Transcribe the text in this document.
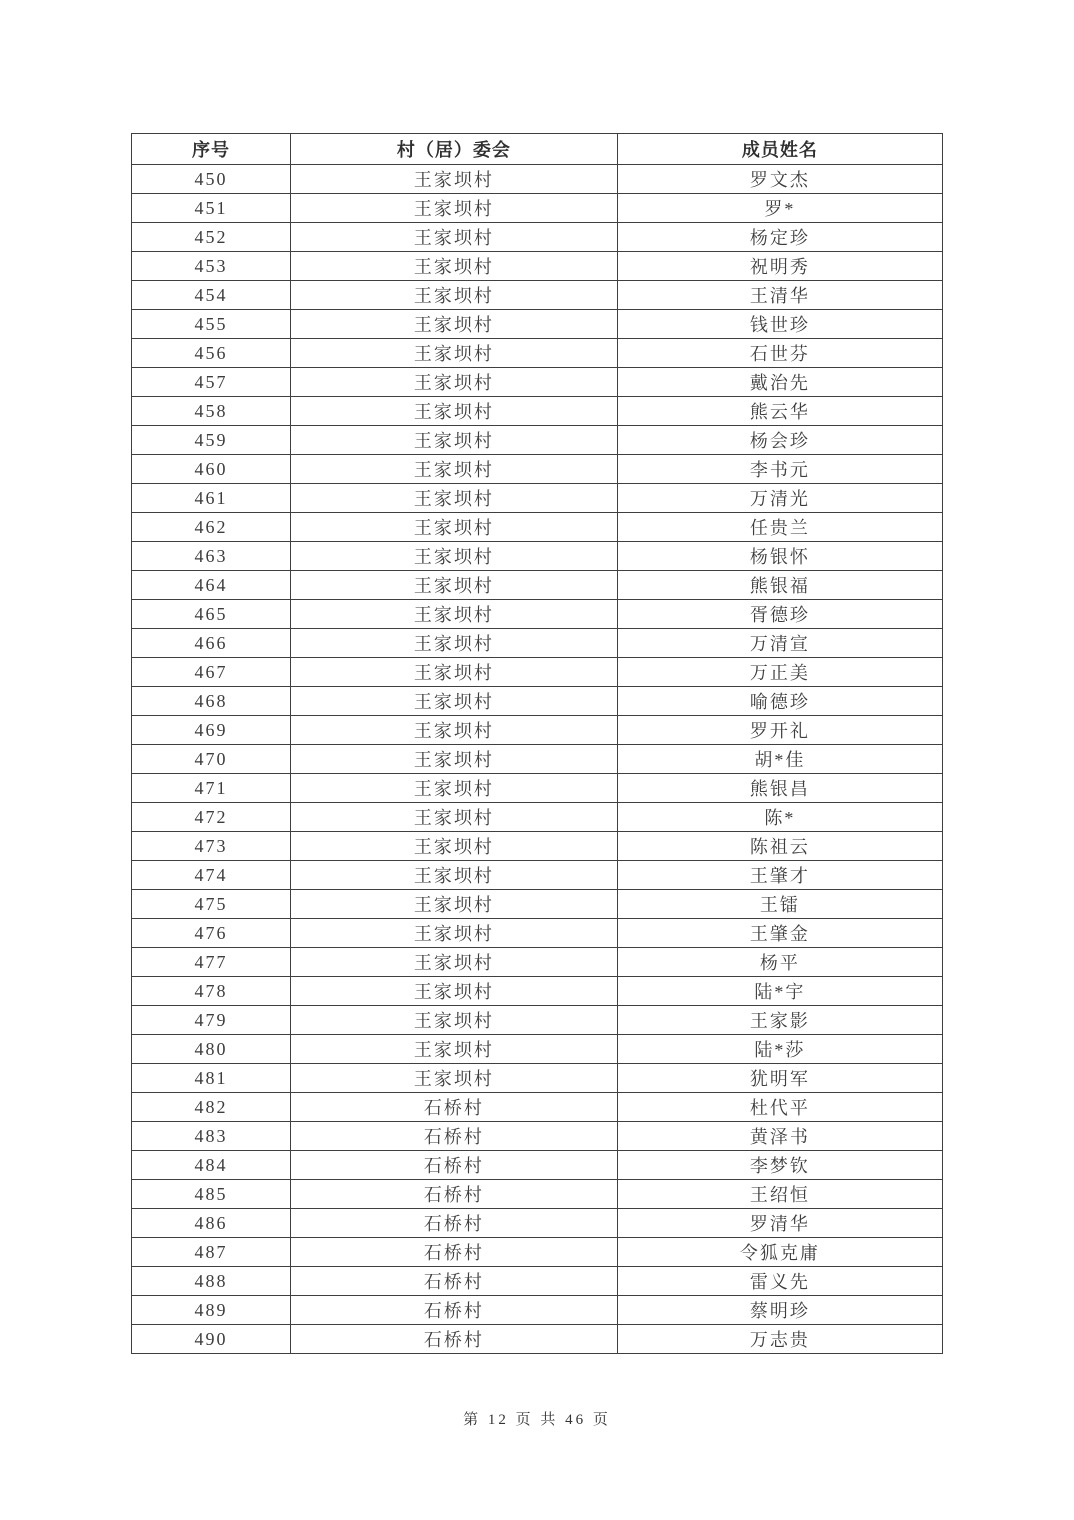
序号	村（居）委会	成员姓名
450	王家坝村	罗文杰
451	王家坝村	罗*
452	王家坝村	杨定珍
453	王家坝村	祝明秀
454	王家坝村	王清华
455	王家坝村	钱世珍
456	王家坝村	石世芬
457	王家坝村	戴治先
458	王家坝村	熊云华
459	王家坝村	杨会珍
460	王家坝村	李书元
461	王家坝村	万清光
462	王家坝村	任贵兰
463	王家坝村	杨银怀
464	王家坝村	熊银福
465	王家坝村	胥德珍
466	王家坝村	万清宣
467	王家坝村	万正美
468	王家坝村	喻德珍
469	王家坝村	罗开礼
470	王家坝村	胡*佳
471	王家坝村	熊银昌
472	王家坝村	陈*
473	王家坝村	陈祖云
474	王家坝村	王肇才
475	王家坝村	王镭
476	王家坝村	王肇金
477	王家坝村	杨平
478	王家坝村	陆*宇
479	王家坝村	王家影
480	王家坝村	陆*莎
481	王家坝村	犹明军
482	石桥村	杜代平
483	石桥村	黄泽书
484	石桥村	李梦钦
485	石桥村	王绍恒
486	石桥村	罗清华
487	石桥村	令狐克庸
488	石桥村	雷义先
489	石桥村	蔡明珍
490	石桥村	万志贵
第 12 页 共 46 页
